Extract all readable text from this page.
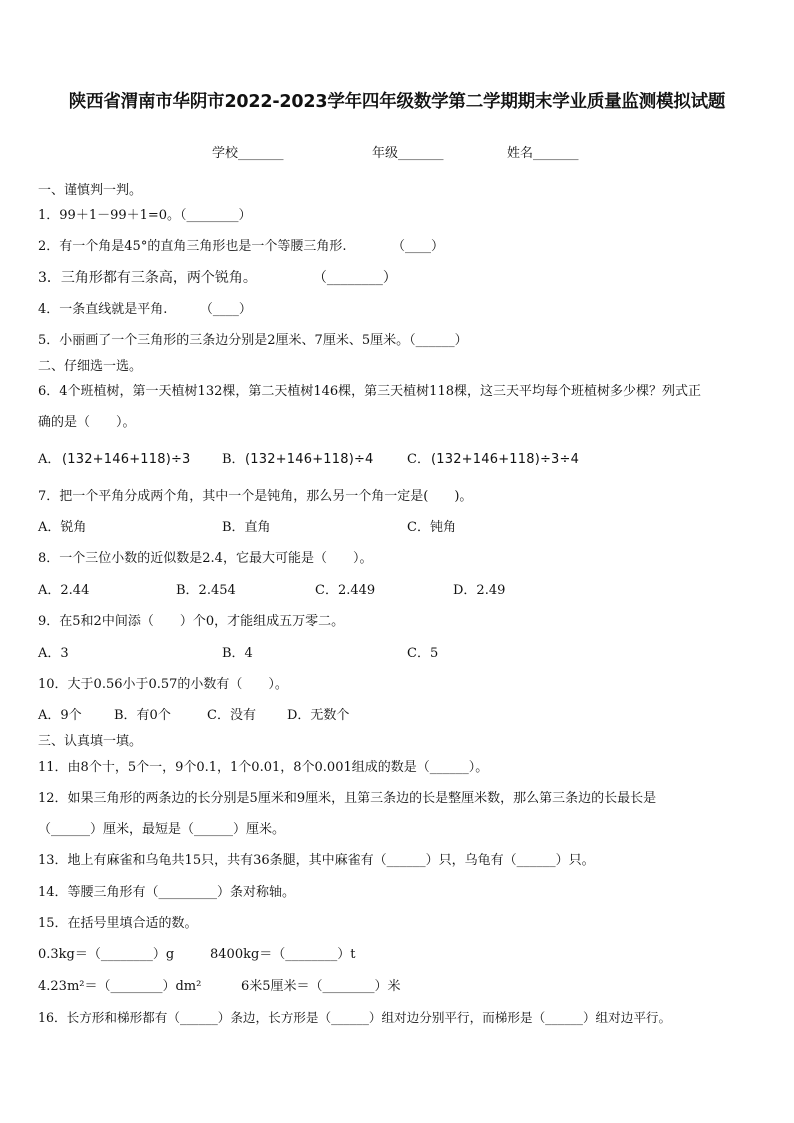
陕西省渭南市华阴市2022-2023学年四年级数学第二学期期末学业质量监测模拟试题
学校_______	年级_______	姓名_______
一、谨慎判一判。
1．99＋1－99＋1=0。（________）
2．有一个角是45°的直角三角形也是一个等腰三角形.　　　　（____）
3．三角形都有三条高，两个锐角。　　　　　（________）
4．一条直线就是平角.　　　（____）
5．小丽画了一个三角形的三条边分别是2厘米、7厘米、5厘米。（______）
二、仔细选一选。
6．4个班植树，第一天植树132棵，第二天植树146棵，第三天植树118棵，这三天平均每个班植树多少棵？列式正
确的是（　　）。
A． (132+146+118)÷3 B． (132+146+118)÷4	C． (132+146+118)÷3÷4
7．把一个平角分成两个角，其中一个是钝角，那么另一个角一定是(　　)。
A．锐角	B．直角	C．钝角
8．一个三位小数的近似数是2.4，它最大可能是（　　）。
A．2.44	B．2.454	C．2.449	D．2.49
9．在5和2中间添（　　）个0，才能组成五万零二。
A．3	B．4	C．5
10．大于0.56小于0.57的小数有（　　）。
A．9个 B．有0个	C．没有 D．无数个
三、认真填一填。
11．由8个十，5个一，9个0.1，1个0.01，8个0.001组成的数是（______）。
12．如果三角形的两条边的长分别是5厘米和9厘米，且第三条边的长是整厘米数，那么第三条边的长最长是
（______）厘米，最短是（______）厘米。
13．地上有麻雀和乌龟共15只，共有36条腿，其中麻雀有（______）只，乌龟有（______）只。
14．等腰三角形有（_________）条对称轴。
15．在括号里填合适的数。
0.3kg＝（________）g	8400kg＝（________）t
4.23m²＝（________）dm²	6米5厘米＝（________）米
16．长方形和梯形都有（______）条边，长方形是（______）组对边分别平行，而梯形是（______）组对边平行。
